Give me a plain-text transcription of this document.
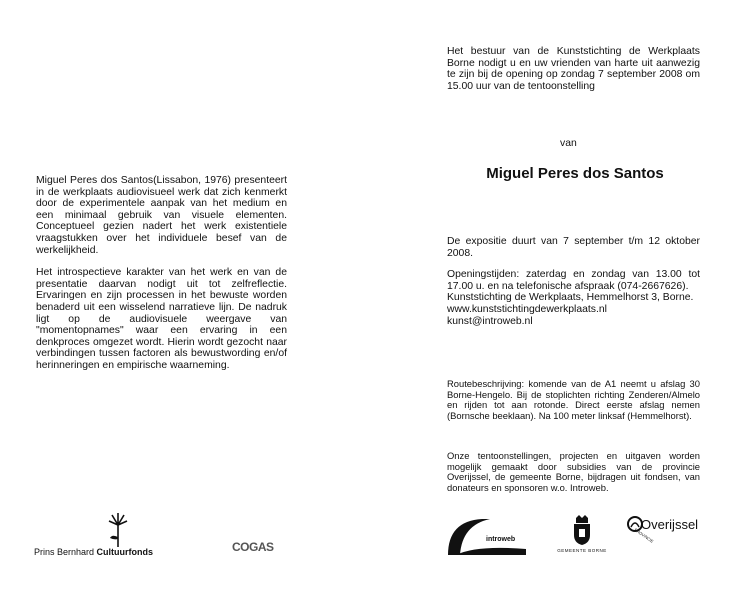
Miguel Peres dos Santos(Lissabon, 1976) presenteert in de werkplaats audiovisueel werk dat zich kenmerkt door de experimentele aanpak van het medium en een minimaal gebruik van visuele elementen. Conceptueel gezien nadert het werk existentiele vraagstukken over het individuele besef van de werkelijkheid.

Het introspectieve karakter van het werk en van de presentatie daarvan nodigt uit tot zelfreflectie. Ervaringen en zijn processen in het bewuste worden benaderd uit een wisselend narratieve lijn. De nadruk ligt op de audiovisuele weergave van "momentopnames" waar een ervaring in een denkproces omgezet wordt. Hierin wordt gezocht naar verbindingen tussen factoren als bewustwording en/of herinneringen en empirische waarneming.

Prins Bernhard Cultuurfonds	COGAS

Het bestuur van de Kunststichting de Werkplaats Borne nodigt u en uw vrienden van harte uit aanwezig te zijn bij de opening op zondag 7 september 2008 om 15.00 uur van de tentoonstelling

van
Miguel Peres dos Santos

De expositie duurt van 7 september t/m 12 oktober 2008.

Openingstijden: zaterdag en zondag van 13.00 tot 17.00 u. en na telefonische afspraak (074-2667626).

Kunststichting de Werkplaats, Hemmelhorst 3, Borne.

www.kunststichtingdewerkplaats.nl

kunst@introweb.nl

Routebeschrijving: komende van de A1 neemt u afslag 30 Borne-Hengelo. Bij de stoplichten richting Zenderen/Almelo en rijden tot aan rotonde. Direct eerste afslag nemen (Bornsche beeklaan). Na 100 meter linksaf (Hemmelhorst).

Onze tentoonstellingen, projecten en uitgaven worden mogelijk gemaakt door subsidies van de provincie Overijssel, de gemeente Borne, bijdragen uit fondsen, van donateurs en sponsoren w.o. Introweb.

introweb
GEMEENTE BORNE
Overijssel
PROVINCIE
